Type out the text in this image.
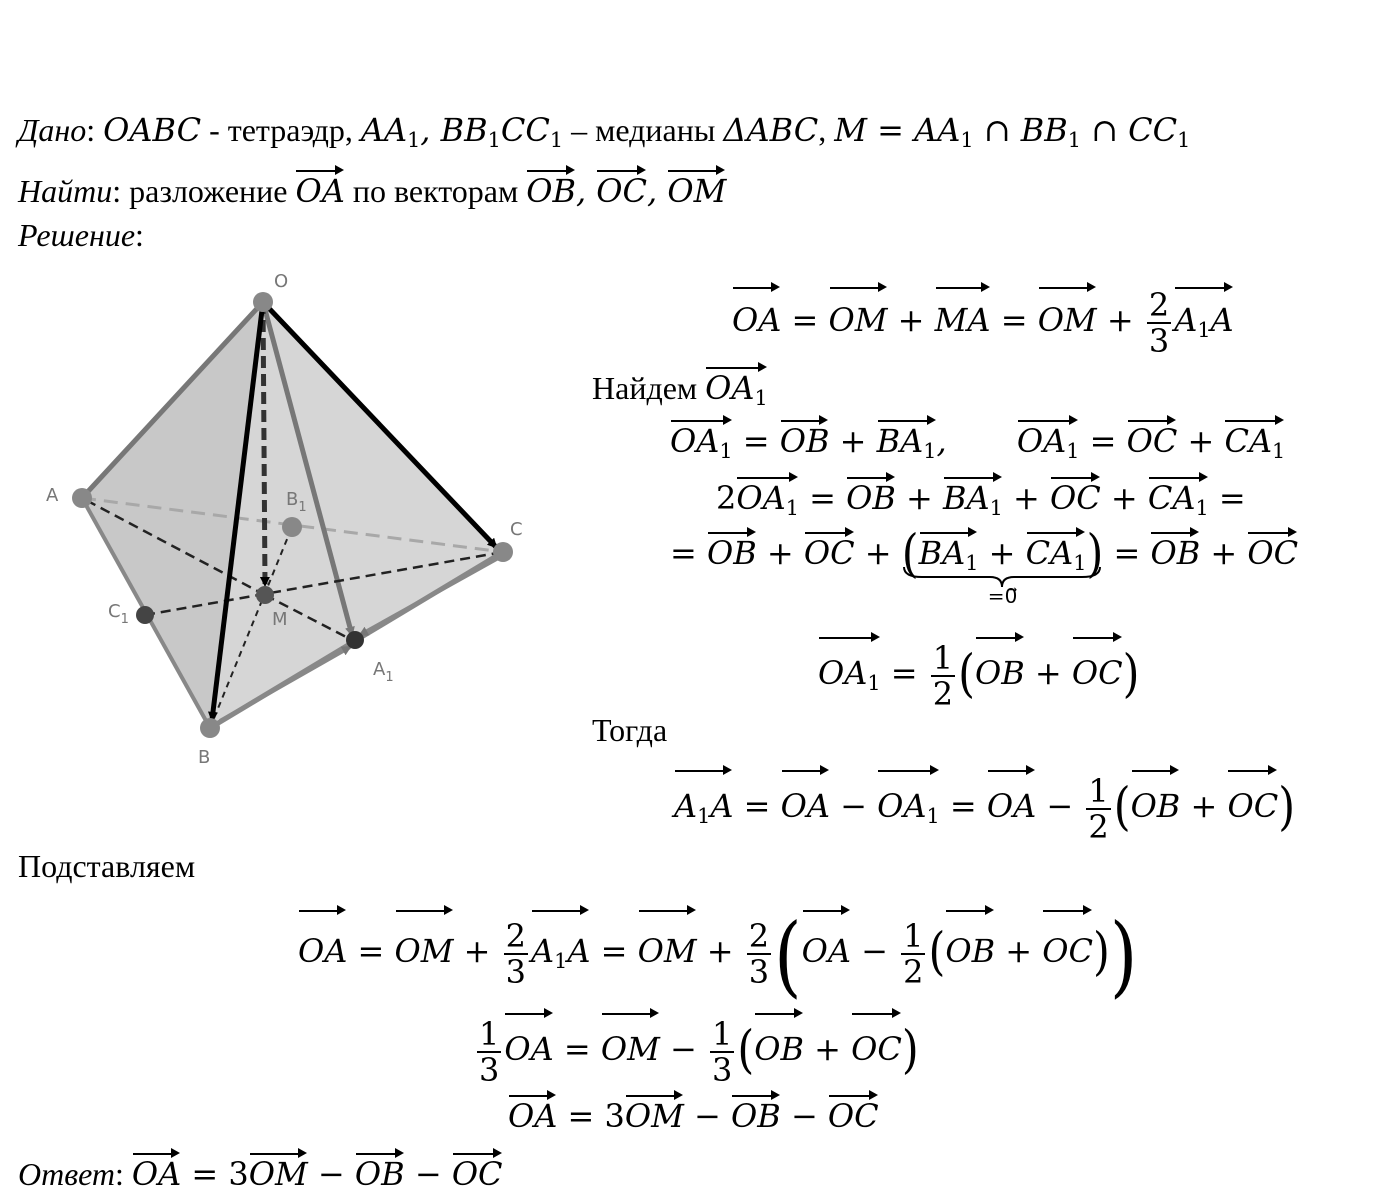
Дано: OABC - тетраэдр, $AA_1$, $BB_1CC_1$ – медианы ΔABC, $M = AA_1$ ∩ $BB_1$ ∩ $CC_1$
Найти: разложение OA по векторам OB, OC, OM
Решение:
O
A
B
C
M
$A_1$
$B_1$
$C_1$
OA = OM + MA = OM + $\frac{2}{3} A_1A$
Найдем $OA_1$
$OA_1$ = OB + $BA_1$, $OA_1$ = OC + $CA_1$
$2OA_1$ = OB + $BA_1$ + OC + $CA_1$ =
= OB + OC + $(BA_1 + CA_1)$
=0⃗
= OB + OC
$OA_1 = \frac{1}{2} (OB + OC)$
Тогда
$A_1A$ = OA − $OA_1$ = OA − $\frac{1}{2} (OB + OC)$
Подставляем
OA = OM + $\frac{2}{3} A_1A$ = OM + $\frac{2}{3} (OA - \frac{1}{2} (OB + OC))$
$\frac{1}{3}$ OA = OM − $\frac{1}{3} (OB + OC)$
OA = 3OM − OB − OC
Ответ: OA = 3OM − OB − OC
